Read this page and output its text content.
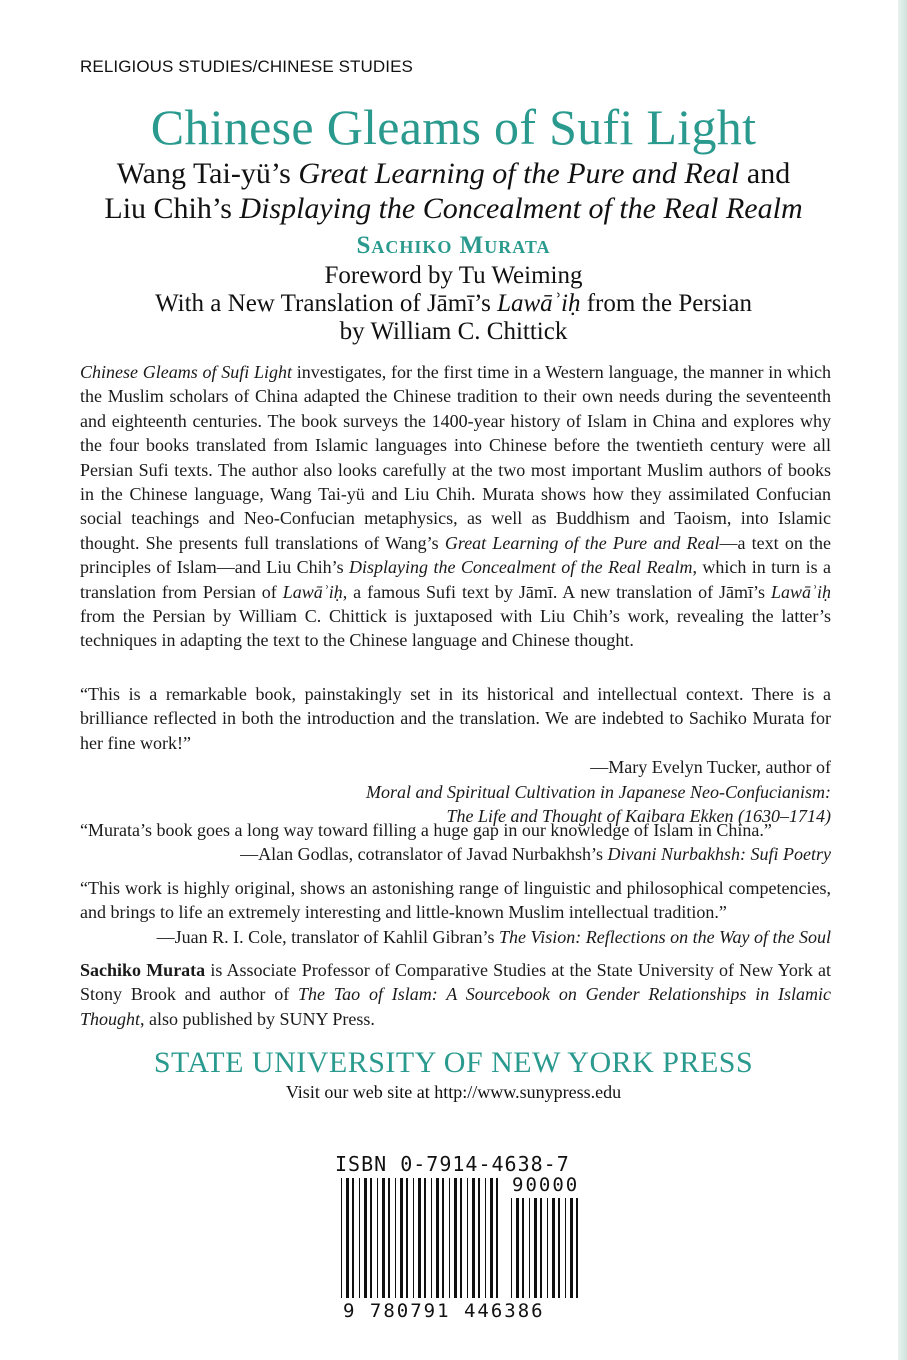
RELIGIOUS STUDIES/CHINESE STUDIES
Chinese Gleams of Sufi Light
Wang Tai-yü’s Great Learning of the Pure and Real and
Liu Chih’s Displaying the Concealment of the Real Realm
Sachiko Murata
Foreword by Tu Weiming
With a New Translation of Jāmī’s Lawāʾiḥ from the Persian
by William C. Chittick

Chinese Gleams of Sufi Light investigates, for the first time in a Western language, the manner in which the Muslim scholars of China adapted the Chinese tradition to their own needs during the seventeenth and eighteenth centuries. The book surveys the 1400-year history of Islam in China and explores why the four books translated from Islamic languages into Chinese before the twentieth century were all Persian Sufi texts. The author also looks carefully at the two most important Muslim authors of books in the Chinese language, Wang Tai-yü and Liu Chih. Murata shows how they assimilated Confucian social teachings and Neo-Confucian metaphysics, as well as Buddhism and Taoism, into Islamic thought. She presents full translations of Wang’s Great Learning of the Pure and Real—a text on the principles of Islam—and Liu Chih’s Displaying the Concealment of the Real Realm, which in turn is a translation from Persian of Lawāʾiḥ, a famous Sufi text by Jāmī. A new translation of Jāmī’s Lawāʾiḥ from the Persian by William C. Chittick is juxtaposed with Liu Chih’s work, revealing the latter’s techniques in adapting the text to the Chinese language and Chinese thought.

“This is a remarkable book, painstakingly set in its historical and intellectual context. There is a brilliance reflected in both the introduction and the translation. We are indebted to Sachiko Murata for her fine work!”
—Mary Evelyn Tucker, author of
Moral and Spiritual Cultivation in Japanese Neo-Confucianism:
The Life and Thought of Kaibara Ekken (1630–1714)

“Murata’s book goes a long way toward filling a huge gap in our knowledge of Islam in China.”
—Alan Godlas, cotranslator of Javad Nurbakhsh’s Divani Nurbakhsh: Sufi Poetry

“This work is highly original, shows an astonishing range of linguistic and philosophical competencies, and brings to life an extremely interesting and little-known Muslim intellectual tradition.”
—Juan R. I. Cole, translator of Kahlil Gibran’s The Vision: Reflections on the Way of the Soul

Sachiko Murata is Associate Professor of Comparative Studies at the State University of New York at Stony Brook and author of The Tao of Islam: A Sourcebook on Gender Relationships in Islamic Thought, also published by SUNY Press.

STATE UNIVERSITY OF NEW YORK PRESS
Visit our web site at http://www.sunypress.edu
ISBN 0-7914-4638-7
90000
9 780791 446386
